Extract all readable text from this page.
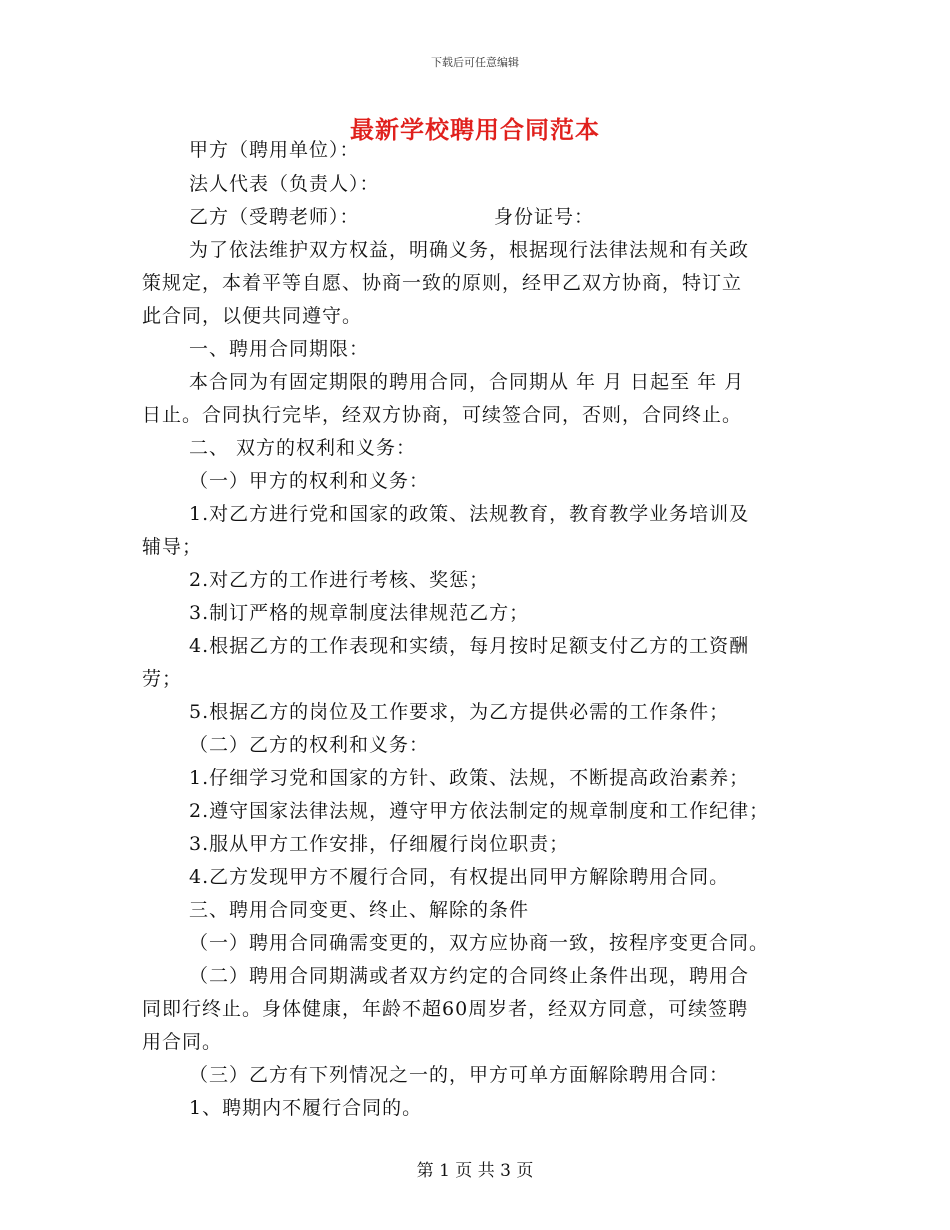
下载后可任意编辑
最新学校聘用合同范本
甲方（聘用单位）：
法人代表（负责人）：
乙方（受聘老师）：	身份证号：
为了依法维护双方权益，明确义务，根据现行法律法规和有关政
策规定，本着平等自愿、协商一致的原则，经甲乙双方协商，特订立
此合同，以便共同遵守。
一、聘用合同期限：
本合同为有固定期限的聘用合同，合同期从 年 月 日起至 年 月
日止。合同执行完毕，经双方协商，可续签合同，否则，合同终止。
二、 双方的权利和义务：
（一）甲方的权利和义务：
1.对乙方进行党和国家的政策、法规教育，教育教学业务培训及
辅导；
2.对乙方的工作进行考核、奖惩；
3.制订严格的规章制度法律规范乙方；
4.根据乙方的工作表现和实绩，每月按时足额支付乙方的工资酬
劳；
5.根据乙方的岗位及工作要求，为乙方提供必需的工作条件；
（二）乙方的权利和义务：
1.仔细学习党和国家的方针、政策、法规，不断提高政治素养；
2.遵守国家法律法规，遵守甲方依法制定的规章制度和工作纪律；
3.服从甲方工作安排，仔细履行岗位职责；
4.乙方发现甲方不履行合同，有权提出同甲方解除聘用合同。
三、聘用合同变更、终止、解除的条件
（一）聘用合同确需变更的，双方应协商一致，按程序变更合同。
（二）聘用合同期满或者双方约定的合同终止条件出现，聘用合
同即行终止。身体健康，年龄不超60周岁者，经双方同意，可续签聘
用合同。
（三）乙方有下列情况之一的，甲方可单方面解除聘用合同：
1、聘期内不履行合同的。
第 1 页 共 3 页
